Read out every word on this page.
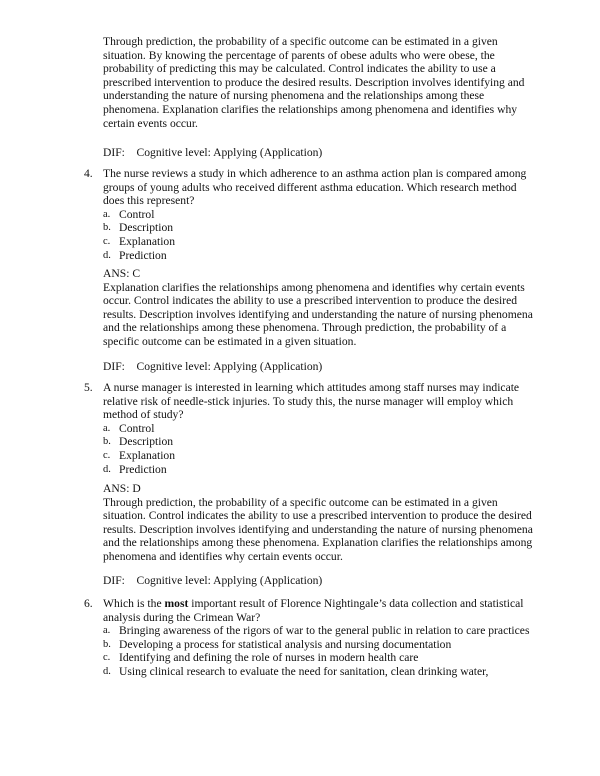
Through prediction, the probability of a specific outcome can be estimated in a given situation. By knowing the percentage of parents of obese adults who were obese, the probability of predicting this may be calculated. Control indicates the ability to use a prescribed intervention to produce the desired results. Description involves identifying and understanding the nature of nursing phenomena and the relationships among these phenomena. Explanation clarifies the relationships among phenomena and identifies why certain events occur.

DIF:    Cognitive level: Applying (Application)

4. The nurse reviews a study in which adherence to an asthma action plan is compared among groups of young adults who received different asthma education. Which research method does this represent?

a. Control
b. Description
c. Explanation
d. Prediction

ANS: C

Explanation clarifies the relationships among phenomena and identifies why certain events occur. Control indicates the ability to use a prescribed intervention to produce the desired results. Description involves identifying and understanding the nature of nursing phenomena and the relationships among these phenomena. Through prediction, the probability of a specific outcome can be estimated in a given situation.

DIF:    Cognitive level: Applying (Application)

5. A nurse manager is interested in learning which attitudes among staff nurses may indicate relative risk of needle-stick injuries. To study this, the nurse manager will employ which method of study?

a. Control
b. Description
c. Explanation
d. Prediction

ANS: D

Through prediction, the probability of a specific outcome can be estimated in a given situation. Control indicates the ability to use a prescribed intervention to produce the desired results. Description involves identifying and understanding the nature of nursing phenomena and the relationships among these phenomena. Explanation clarifies the relationships among phenomena and identifies why certain events occur.

DIF:    Cognitive level: Applying (Application)

6. Which is the most important result of Florence Nightingale’s data collection and statistical analysis during the Crimean War?

a. Bringing awareness of the rigors of war to the general public in relation to care practices
b. Developing a process for statistical analysis and nursing documentation
c. Identifying and defining the role of nurses in modern health care
d. Using clinical research to evaluate the need for sanitation, clean drinking water,
